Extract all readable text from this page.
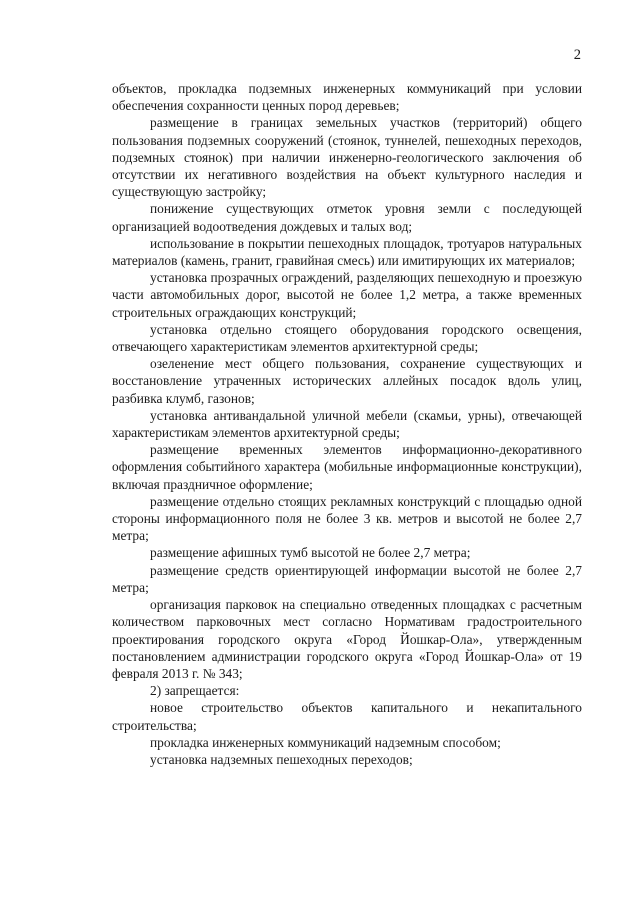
2

объектов, прокладка подземных инженерных коммуникаций при условии обеспечения сохранности ценных пород деревьев;

размещение в границах земельных участков (территорий) общего пользования подземных сооружений (стоянок, туннелей, пешеходных переходов, подземных стоянок) при наличии инженерно-геологического заключения об отсутствии их негативного воздействия на объект культурного наследия и существующую застройку;

понижение существующих отметок уровня земли с последующей организацией водоотведения дождевых и талых вод;

использование в покрытии пешеходных площадок, тротуаров натуральных материалов (камень, гранит, гравийная смесь) или имитирующих их материалов;

установка прозрачных ограждений, разделяющих пешеходную и проезжую части автомобильных дорог, высотой не более 1,2 метра, а также временных строительных ограждающих конструкций;

установка отдельно стоящего оборудования городского освещения, отвечающего характеристикам элементов архитектурной среды;

озеленение мест общего пользования, сохранение существующих и восстановление утраченных исторических аллейных посадок вдоль улиц, разбивка клумб, газонов;

установка антивандальной уличной мебели (скамьи, урны), отвечающей характеристикам элементов архитектурной среды;

размещение временных элементов информационно-декоративного оформления событийного характера (мобильные информационные конструкции), включая праздничное оформление;

размещение отдельно стоящих рекламных конструкций с площадью одной стороны информационного поля не более 3 кв. метров и высотой не более 2,7 метра;

размещение афишных тумб высотой не более 2,7 метра;

размещение средств ориентирующей информации высотой не более 2,7 метра;

организация парковок на специально отведенных площадках с расчетным количеством парковочных мест согласно Нормативам градостроительного проектирования городского округа «Город Йошкар-Ола», утвержденным постановлением администрации городского округа «Город Йошкар-Ола» от 19 февраля 2013 г. № 343;

2) запрещается:

новое строительство объектов капитального и некапитального строительства;

прокладка инженерных коммуникаций надземным способом;

установка надземных пешеходных переходов;
